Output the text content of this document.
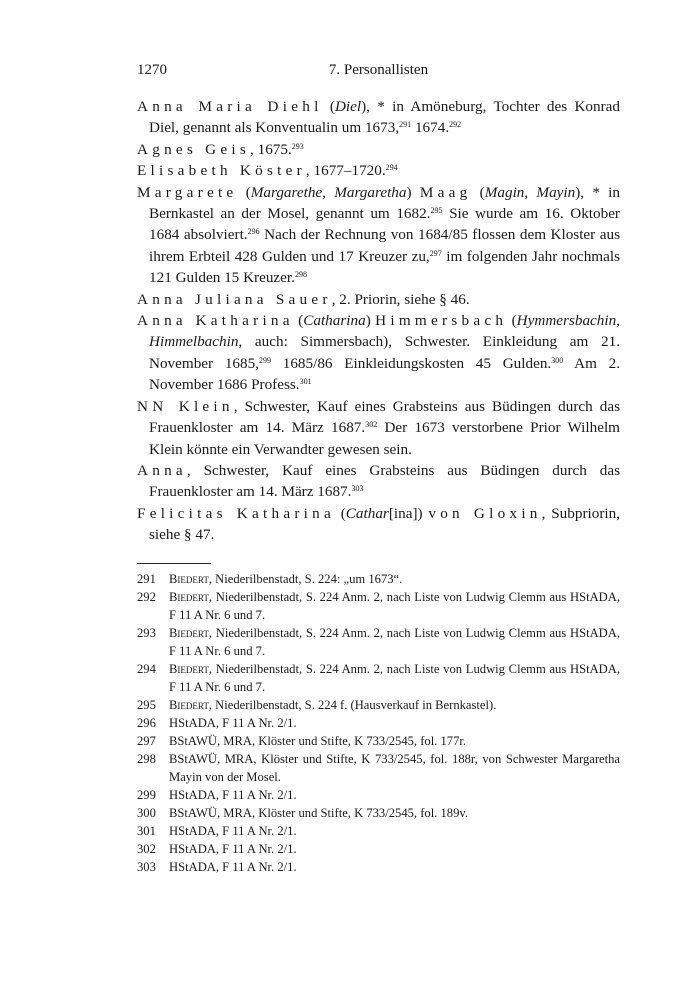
1270	7. Personallisten

Anna Maria Diehl (Diel), * in Amöneburg, Tochter des Konrad Diel, genannt als Konventualin um 1673,$^{291}$ 1674.$^{292}$

Agnes Geis, 1675.$^{293}$

Elisabeth Köster, 1677–1720.$^{294}$

Margarete (Margarethe, Margaretha) Maag (Magin, Mayin), * in Bernkastel an der Mosel, genannt um 1682.$^{295}$ Sie wurde am 16. Oktober 1684 absolviert.$^{296}$ Nach der Rechnung von 1684/85 flossen dem Kloster aus ihrem Erbteil 428 Gulden und 17 Kreuzer zu,$^{297}$ im folgenden Jahr nochmals 121 Gulden 15 Kreuzer.$^{298}$

Anna Juliana Sauer, 2. Priorin, siehe § 46.

Anna Katharina (Catharina) Himmersbach (Hymmersbachin, Himmelbachin, auch: Simmersbach), Schwester. Einkleidung am 21. November 1685,$^{299}$ 1685/86 Einkleidungskosten 45 Gulden.$^{300}$ Am 2. November 1686 Profess.$^{301}$

NN Klein, Schwester, Kauf eines Grabsteins aus Büdingen durch das Frauenkloster am 14. März 1687.$^{302}$ Der 1673 verstorbene Prior Wilhelm Klein könnte ein Verwandter gewesen sein.

Anna, Schwester, Kauf eines Grabsteins aus Büdingen durch das Frauenkloster am 14. März 1687.$^{303}$

Felicitas Katharina (Cathar[ina]) von Gloxin, Subpriorin, siehe § 47.

291 Biedert, Niederilbenstadt, S. 224: „um 1673“.

292 Biedert, Niederilbenstadt, S. 224 Anm. 2, nach Liste von Ludwig Clemm aus HStADA, F 11 A Nr. 6 und 7.

293 Biedert, Niederilbenstadt, S. 224 Anm. 2, nach Liste von Ludwig Clemm aus HStADA, F 11 A Nr. 6 und 7.

294 Biedert, Niederilbenstadt, S. 224 Anm. 2, nach Liste von Ludwig Clemm aus HStADA, F 11 A Nr. 6 und 7.

295 Biedert, Niederilbenstadt, S. 224 f. (Hausverkauf in Bernkastel).

296 HStADA, F 11 A Nr. 2/1.

297 BStAWÜ, MRA, Klöster und Stifte, K 733/2545, fol. 177r.

298 BStAWÜ, MRA, Klöster und Stifte, K 733/2545, fol. 188r, von Schwester Margaretha Mayin von der Mosel.

299 HStADA, F 11 A Nr. 2/1.

300 BStAWÜ, MRA, Klöster und Stifte, K 733/2545, fol. 189v.

301 HStADA, F 11 A Nr. 2/1.

302 HStADA, F 11 A Nr. 2/1.

303 HStADA, F 11 A Nr. 2/1.
